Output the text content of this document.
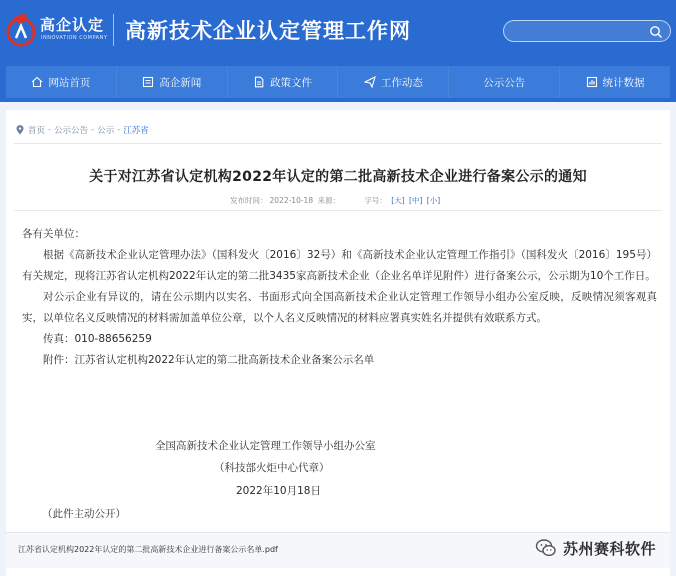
高企认定
INNOVATION COMPANY 高新技术企业认定管理工作网
网站首页	高企新闻	政策文件	工作动态	公示公告	统计数据
首页 - 公示公告 - 公示 - 江苏省
关于对江苏省认定机构2022年认定的第二批高新技术企业进行备案公示的通知
发布时间： 2022-10-18 来源：	字号： [大] [中] [小]
各有关单位：
根据《高新技术企业认定管理办法》（国科发火〔2016〕32号）和《高新技术企业认定管理工作指引》（国科发火〔2016〕195号）有关规定，现将江苏省认定机构2022年认定的第二批3435家高新技术企业（企业名单详见附件）进行备案公示，公示期为10个工作日。
对公示企业有异议的，请在公示期内以实名、书面形式向全国高新技术企业认定管理工作领导小组办公室反映，反映情况须客观真实，以单位名义反映情况的材料需加盖单位公章，以个人名义反映情况的材料应署真实姓名并提供有效联系方式。
传真：010-88656259
附件：江苏省认定机构2022年认定的第二批高新技术企业备案公示名单
全国高新技术企业认定管理工作领导小组办公室
（科技部火炬中心代章）
2022年10月18日
（此件主动公开）
江苏省认定机构2022年认定的第二批高新技术企业进行备案公示名单.pdf	苏州赛科软件
